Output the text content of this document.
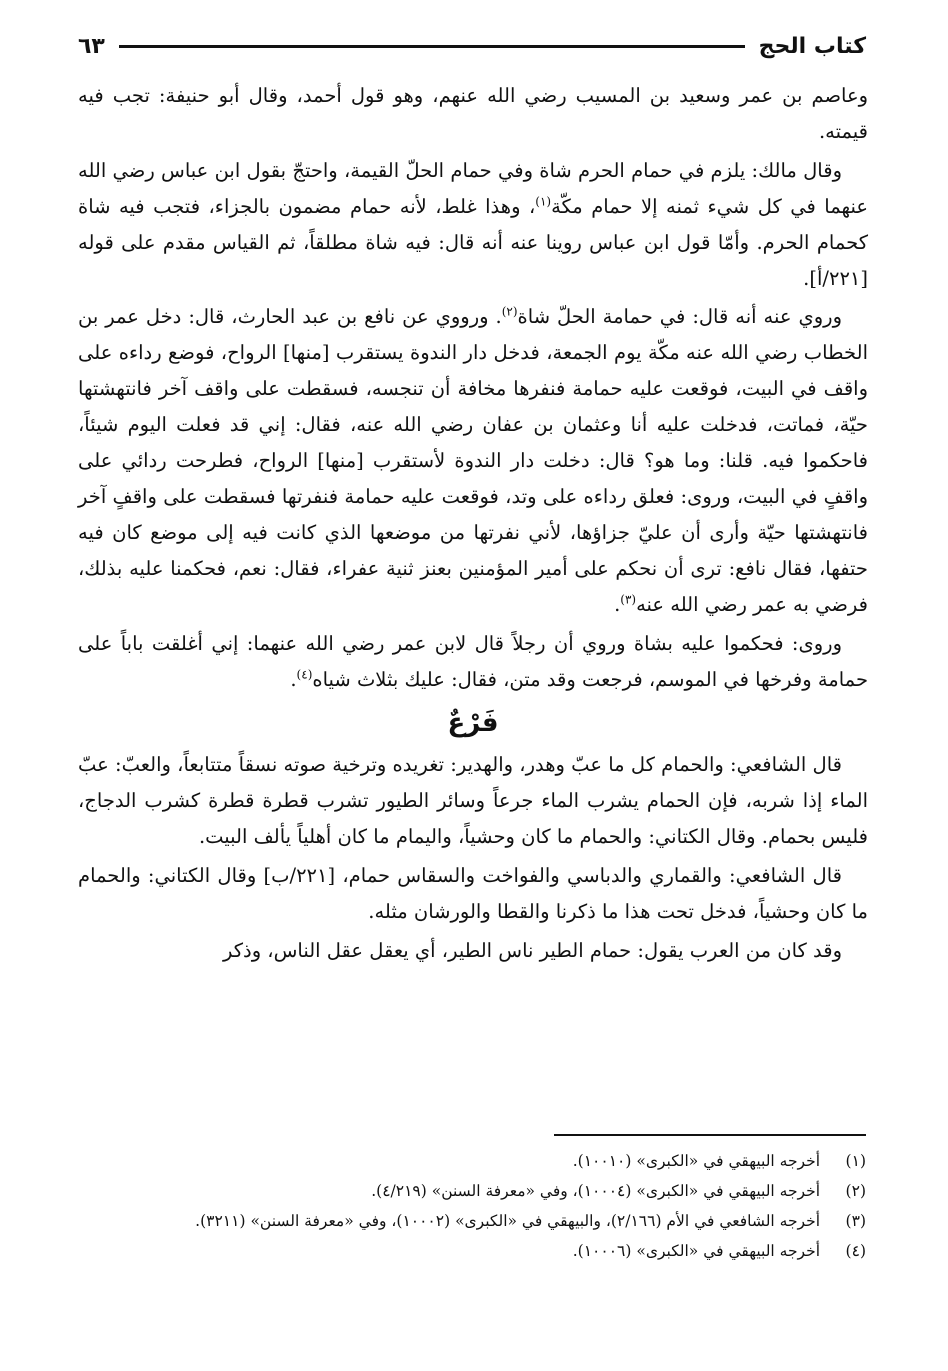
كتاب الحج
٦٣

وعاصم بن عمر وسعيد بن المسيب رضي الله عنهم، وهو قول أحمد، وقال أبو حنيفة: تجب فيه قيمته.

وقال مالك: يلزم في حمام الحرم شاة وفي حمام الحلّ القيمة، واحتجّ بقول ابن عباس رضي الله عنهما في كل شيء ثمنه إلا حمام مكّة$^{(١)}$، وهذا غلط، لأنه حمام مضمون بالجزاء، فتجب فيه شاة كحمام الحرم. وأمّا قول ابن عباس روينا عنه أنه قال: فيه شاة مطلقاً، ثم القياس مقدم على قوله [٢٢١/أ].

وروي عنه أنه قال: في حمامة الحلّ شاة$^{(٢)}$. ورووي عن نافع بن عبد الحارث، قال: دخل عمر بن الخطاب رضي الله عنه مكّة يوم الجمعة، فدخل دار الندوة يستقرب [منها] الرواح، فوضع رداءه على واقف في البيت، فوقعت عليه حمامة فنفرها مخافة أن تنجسه، فسقطت على واقف آخر فانتهشتها حيّة، فماتت، فدخلت عليه أنا وعثمان بن عفان رضي الله عنه، فقال: إني قد فعلت اليوم شيئاً، فاحكموا فيه. قلنا: وما هو؟ قال: دخلت دار الندوة لأستقرب [منها] الرواح، فطرحت ردائي على واقفٍ في البيت، وروى: فعلق رداءه على وتد، فوقعت عليه حمامة فنفرتها فسقطت على واقفٍ آخر فانتهشتها حيّة وأرى أن عليّ جزاؤها، لأني نفرتها من موضعها الذي كانت فيه إلى موضع كان فيه حتفها، فقال نافع: ترى أن نحكم على أمير المؤمنين بعنز ثنية عفراء، فقال: نعم، فحكمنا عليه بذلك، فرضي به عمر رضي الله عنه$^{(٣)}$.

وروى: فحكموا عليه بشاة وروي أن رجلاً قال لابن عمر رضي الله عنهما: إني أغلقت باباً على حمامة وفرخها في الموسم، فرجعت وقد متن، فقال: عليك بثلاث شياه$^{(٤)}$.

فَرْعٌ

قال الشافعي: والحمام كل ما عبّ وهدر، والهدير: تغريده وترخية صوته نسقاً متتابعاً، والعبّ: عبّ الماء إذا شربه، فإن الحمام يشرب الماء جرعاً وسائر الطيور تشرب قطرة قطرة كشرب الدجاج، فليس بحمام. وقال الكتاني: والحمام ما كان وحشياً، واليمام ما كان أهلياً يألف البيت.

قال الشافعي: والقماري والدباسي والفواخت والسقاس حمام، [٢٢١/ب] وقال الكتاني: والحمام ما كان وحشياً، فدخل تحت هذا ما ذكرنا والقطا والورشان مثله.

وقد كان من العرب يقول: حمام الطير ناس الطير، أي يعقل عقل الناس، وذكر

(١)
أخرجه البيهقي في «الكبرى» (١٠٠١٠).
(٢)
أخرجه البيهقي في «الكبرى» (١٠٠٠٤)، وفي «معرفة السنن» (٤/٢١٩).
(٣)
أخرجه الشافعي في الأم (٢/١٦٦)، والبيهقي في «الكبرى» (١٠٠٠٢)، وفي «معرفة السنن» (٣٢١١).
(٤)
أخرجه البيهقي في «الكبرى» (١٠٠٠٦).
